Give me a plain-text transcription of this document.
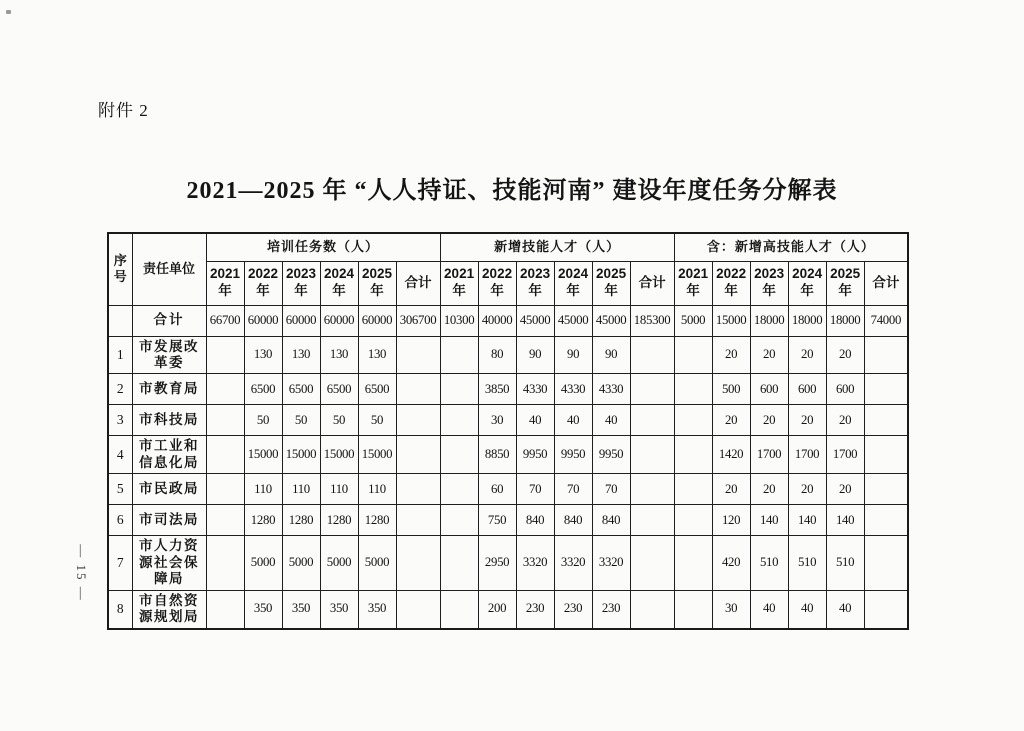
附件 2
2021—2025 年 “人人持证、技能河南” 建设年度任务分解表
— 15 —
序号	责任单位	培训任务数（人）						新增技能人才（人）						含：新增高技能人才（人）					
		2021年	2022年	2023年	2024年	2025年	合计	2021年	2022年	2023年	2024年	2025年	合计	2021年	2022年	2023年	2024年	2025年	合计
	合计	66700	60000	60000	60000	60000	306700	10300	40000	45000	45000	45000	185300	5000	15000	18000	18000	18000	74000
1	市发展改革委		130	130	130	130			80	90	90	90			20	20	20	20	
2	市教育局		6500	6500	6500	6500			3850	4330	4330	4330			500	600	600	600	
3	市科技局		50	50	50	50			30	40	40	40			20	20	20	20	
4	市工业和信息化局		15000	15000	15000	15000			8850	9950	9950	9950			1420	1700	1700	1700	
5	市民政局		110	110	110	110			60	70	70	70			20	20	20	20	
6	市司法局		1280	1280	1280	1280			750	840	840	840			120	140	140	140	
7	市人力资源社会保障局		5000	5000	5000	5000			2950	3320	3320	3320			420	510	510	510	
8	市自然资源规划局		350	350	350	350			200	230	230	230			30	40	40	40	
